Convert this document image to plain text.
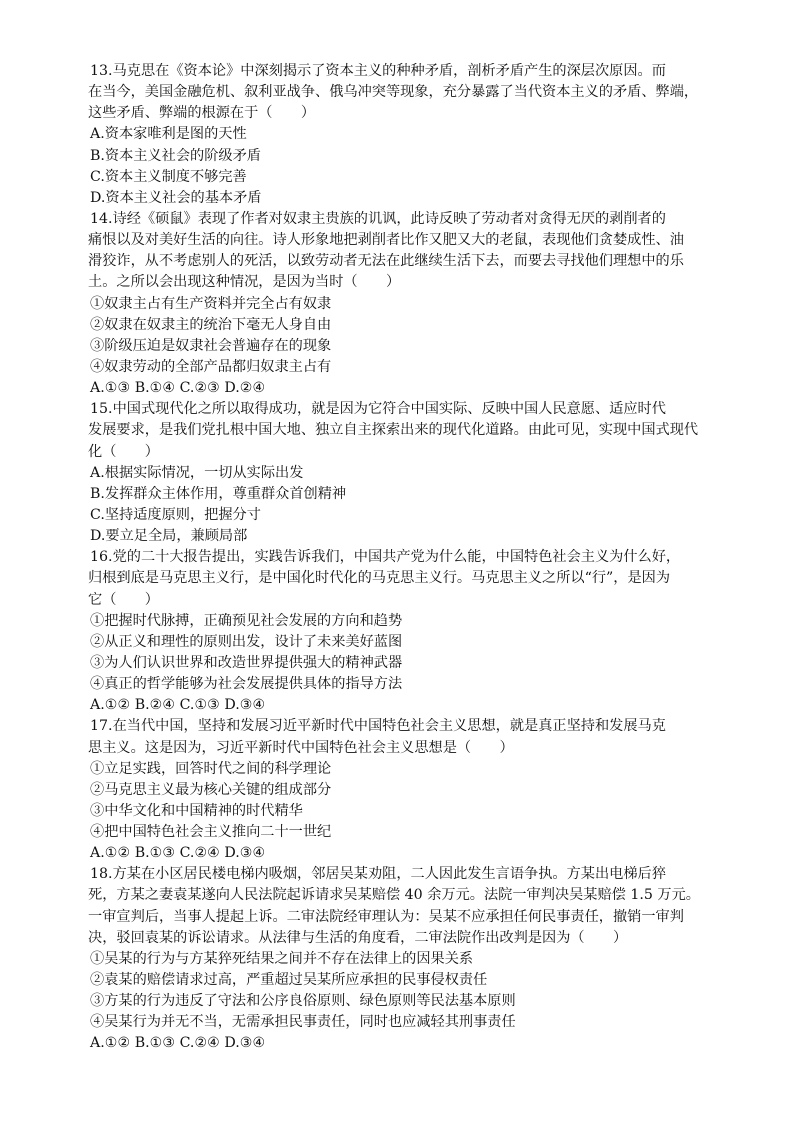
13.马克思在《资本论》中深刻揭示了资本主义的种种矛盾，剖析矛盾产生的深层次原因。而
在当今，美国金融危机、叙利亚战争、俄乌冲突等现象，充分暴露了当代资本主义的矛盾、弊端，
这些矛盾、弊端的根源在于（　　）
A.资本家唯利是图的天性
B.资本主义社会的阶级矛盾
C.资本主义制度不够完善
D.资本主义社会的基本矛盾
14.诗经《硕鼠》表现了作者对奴隶主贵族的讥讽，此诗反映了劳动者对贪得无厌的剥削者的
痛恨以及对美好生活的向往。诗人形象地把剥削者比作又肥又大的老鼠，表现他们贪婪成性、油
滑狡诈，从不考虑别人的死活，以致劳动者无法在此继续生活下去，而要去寻找他们理想中的乐
土。之所以会出现这种情况，是因为当时（　　）
①奴隶主占有生产资料并完全占有奴隶
②奴隶在奴隶主的统治下毫无人身自由
③阶级压迫是奴隶社会普遍存在的现象
④奴隶劳动的全部产品都归奴隶主占有
A.①③ B.①④ C.②③ D.②④
15.中国式现代化之所以取得成功，就是因为它符合中国实际、反映中国人民意愿、适应时代
发展要求，是我们党扎根中国大地、独立自主探索出来的现代化道路。由此可见，实现中国式现代
化（　　）
A.根据实际情况，一切从实际出发
B.发挥群众主体作用，尊重群众首创精神
C.坚持适度原则，把握分寸
D.要立足全局，兼顾局部
16.党的二十大报告提出，实践告诉我们，中国共产党为什么能，中国特色社会主义为什么好，
归根到底是马克思主义行，是中国化时代化的马克思主义行。马克思主义之所以“行”，是因为
它（　　）
①把握时代脉搏，正确预见社会发展的方向和趋势
②从正义和理性的原则出发，设计了未来美好蓝图
③为人们认识世界和改造世界提供强大的精神武器
④真正的哲学能够为社会发展提供具体的指导方法
A.①② B.②④ C.①③ D.③④
17.在当代中国，坚持和发展习近平新时代中国特色社会主义思想，就是真正坚持和发展马克
思主义。这是因为，习近平新时代中国特色社会主义思想是（　　）
①立足实践，回答时代之间的科学理论
②马克思主义最为核心关键的组成部分
③中华文化和中国精神的时代精华
④把中国特色社会主义推向二十一世纪
A.①② B.①③ C.②④ D.③④
18.方某在小区居民楼电梯内吸烟，邻居吴某劝阻，二人因此发生言语争执。方某出电梯后猝
死，方某之妻袁某遂向人民法院起诉请求吴某赔偿 40 余万元。法院一审判决吴某赔偿 1.5 万元。
一审宣判后，当事人提起上诉。二审法院经审理认为：吴某不应承担任何民事责任，撤销一审判
决，驳回袁某的诉讼请求。从法律与生活的角度看，二审法院作出改判是因为（　　）
①吴某的行为与方某猝死结果之间并不存在法律上的因果关系
②袁某的赔偿请求过高，严重超过吴某所应承担的民事侵权责任
③方某的行为违反了守法和公序良俗原则、绿色原则等民法基本原则
④吴某行为并无不当，无需承担民事责任，同时也应减轻其刑事责任
A.①② B.①③ C.②④ D.③④
